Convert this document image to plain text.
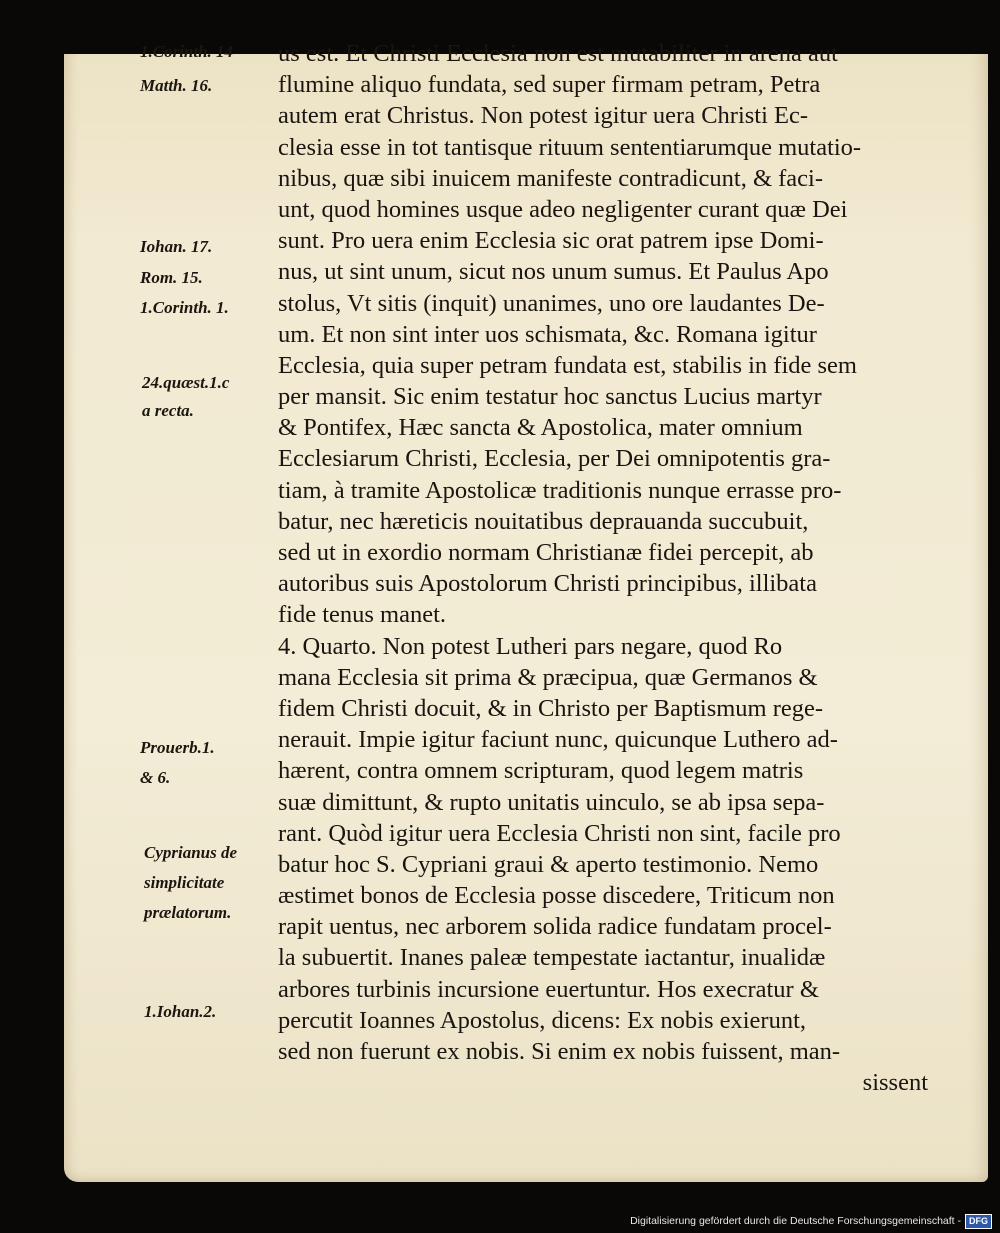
1.Corinth. 14
Matth. 16.
Iohan. 17.
Rom. 15.
1.Corinth. 1.
24.quæst.1.c
a recta.
Prouerb.1.
& 6.
Cyprianus de
simplicitate
prælatorum.
1.Iohan.2.
us est. Et Christi Ecclesia non est mutabiliter in arena aut
flumine aliquo fundata, sed super firmam petram, Petra
autem erat Christus. Non potest igitur uera Christi Ec-
clesia esse in tot tantisque rituum sententiarumque mutatio-
nibus, quæ sibi inuicem manifeste contradicunt, & faci-
unt, quod homines usque adeo negligenter curant quæ Dei
sunt. Pro uera enim Ecclesia sic orat patrem ipse Domi-
nus, ut sint unum, sicut nos unum sumus. Et Paulus Apo
stolus, Vt sitis (inquit) unanimes, uno ore laudantes De-
um. Et non sint inter uos schismata, &c. Romana igitur
Ecclesia, quia super petram fundata est, stabilis in fide sem
per mansit. Sic enim testatur hoc sanctus Lucius martyr
& Pontifex, Hæc sancta & Apostolica, mater omnium
Ecclesiarum Christi, Ecclesia, per Dei omnipotentis gra-
tiam, à tramite Apostolicæ traditionis nunque errasse pro-
batur, nec hæreticis nouitatibus deprauanda succubuit,
sed ut in exordio normam Christianæ fidei percepit, ab
autoribus suis Apostolorum Christi principibus, illibata
fide tenus manet.
4. Quarto. Non potest Lutheri pars negare, quod Ro
mana Ecclesia sit prima & præcipua, quæ Germanos &
fidem Christi docuit, & in Christo per Baptismum rege-
nerauit. Impie igitur faciunt nunc, quicunque Luthero ad-
hærent, contra omnem scripturam, quod legem matris
suæ dimittunt, & rupto unitatis uinculo, se ab ipsa sepa-
rant. Quòd igitur uera Ecclesia Christi non sint, facile pro
batur hoc S. Cypriani graui & aperto testimonio. Nemo
æstimet bonos de Ecclesia posse discedere, Triticum non
rapit uentus, nec arborem solida radice fundatam procel-
la subuertit. Inanes paleæ tempestate iactantur, inualidæ
arbores turbinis incursione euertuntur. Hos execratur &
percutit Ioannes Apostolus, dicens: Ex nobis exierunt,
sed non fuerunt ex nobis. Si enim ex nobis fuissent, man-
sissent
Digitalisierung gefördert durch die Deutsche Forschungsgemeinschaft - DFG
